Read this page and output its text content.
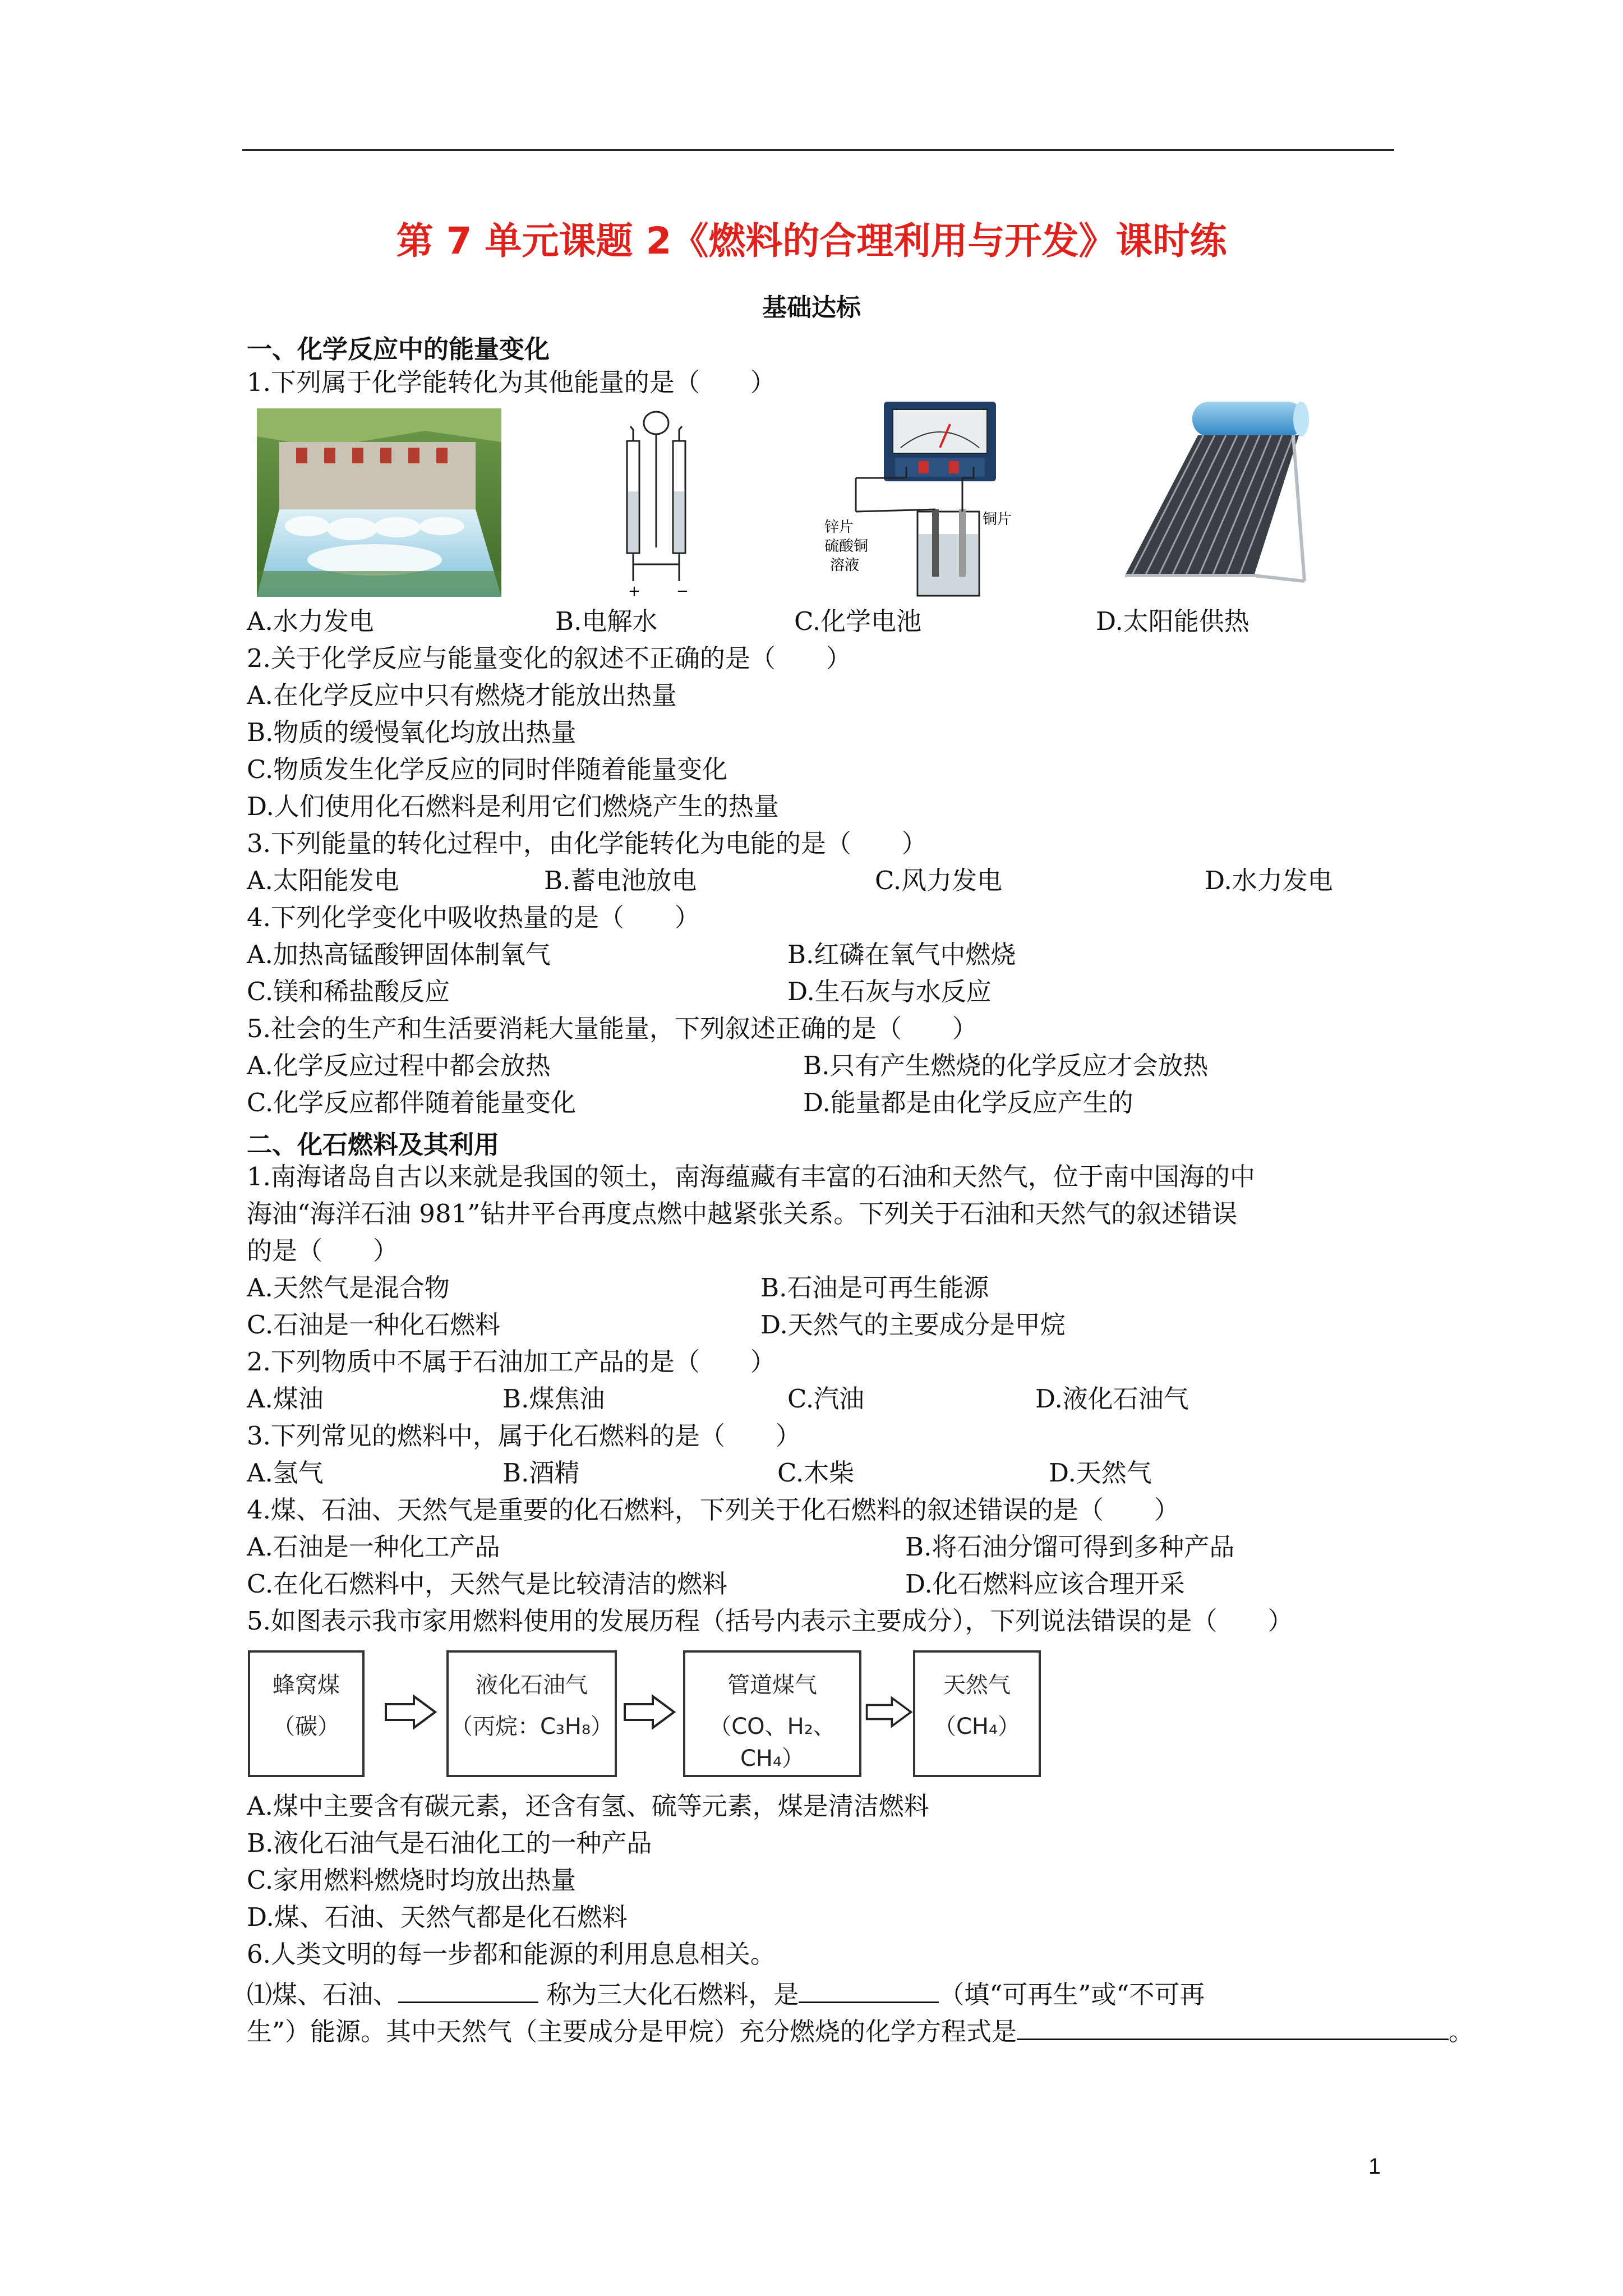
第 7 单元课题 2《燃料的合理利用与开发》课时练
基础达标
一、化学反应中的能量变化
1.下列属于化学能转化为其他能量的是（　　）
+ −
锌片
硫酸铜
溶液
铜片
A.水力发电	B.电解水	C.化学电池	D.太阳能供热
2.关于化学反应与能量变化的叙述不正确的是（　　）
A.在化学反应中只有燃烧才能放出热量
B.物质的缓慢氧化均放出热量
C.物质发生化学反应的同时伴随着能量变化
D.人们使用化石燃料是利用它们燃烧产生的热量
3.下列能量的转化过程中，由化学能转化为电能的是（　　）
A.太阳能发电	B.蓄电池放电	C.风力发电	D.水力发电
4.下列化学变化中吸收热量的是（　　）
A.加热高锰酸钾固体制氧气	B.红磷在氧气中燃烧
C.镁和稀盐酸反应	D.生石灰与水反应
5.社会的生产和生活要消耗大量能量，下列叙述正确的是（　　）
A.化学反应过程中都会放热	B.只有产生燃烧的化学反应才会放热
C.化学反应都伴随着能量变化	D.能量都是由化学反应产生的
二、化石燃料及其利用
1.南海诸岛自古以来就是我国的领土，南海蕴藏有丰富的石油和天然气，位于南中国海的中
海油“海洋石油 981”钻井平台再度点燃中越紧张关系。下列关于石油和天然气的叙述错误
的是（　　）
A.天然气是混合物	B.石油是可再生能源
C.石油是一种化石燃料	D.天然气的主要成分是甲烷
2.下列物质中不属于石油加工产品的是（　　）
A.煤油	B.煤焦油	C.汽油	D.液化石油气
3.下列常见的燃料中，属于化石燃料的是（　　）
A.氢气	B.酒精	C.木柴	D.天然气
4.煤、石油、天然气是重要的化石燃料，下列关于化石燃料的叙述错误的是（　　）
A.石油是一种化工产品	B.将石油分馏可得到多种产品
C.在化石燃料中，天然气是比较清洁的燃料	D.化石燃料应该合理开采
5.如图表示我市家用燃料使用的发展历程（括号内表示主要成分），下列说法错误的是（　　）
蜂窝煤
（碳）
液化石油气
（丙烷：C₃H₈）
管道煤气
（CO、H₂、CH₄）
天然气
（CH₄）
A.煤中主要含有碳元素，还含有氢、硫等元素，煤是清洁燃料
B.液化石油气是石油化工的一种产品
C.家用燃料燃烧时均放出热量
D.煤、石油、天然气都是化石燃料
6.人类文明的每一步都和能源的利用息息相关。
⑴煤、石油、	称为三大化石燃料，是	（填“可再生”或“不可再
生”）能源。其中天然气（主要成分是甲烷）充分燃烧的化学方程式是	。
1
